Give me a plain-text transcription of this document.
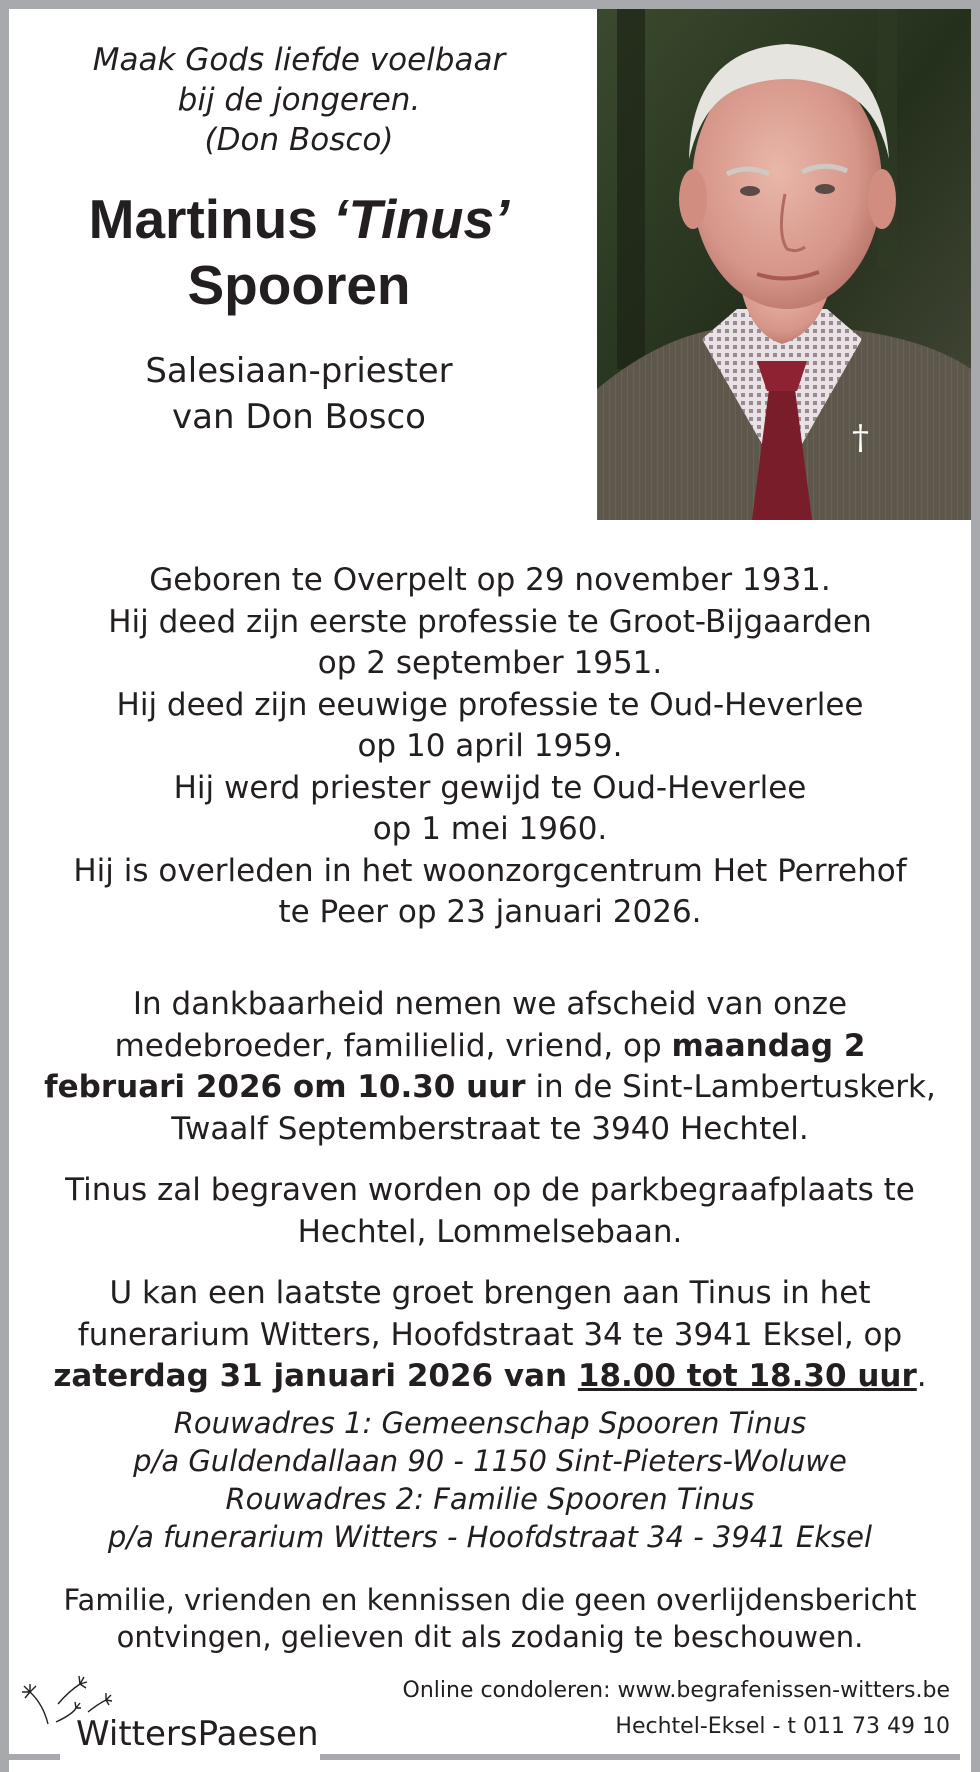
Maak Gods liefde voelbaar
bij de jongeren.
(Don Bosco)
Martinus ‘Tinus’
Spooren
Salesiaan-priester
van Don Bosco
†
Geboren te Overpelt op 29 november 1931.
Hij deed zijn eerste professie te Groot-Bijgaarden
op 2 september 1951.
Hij deed zijn eeuwige professie te Oud-Heverlee
op 10 april 1959.
Hij werd priester gewijd te Oud-Heverlee
op 1 mei 1960.
Hij is overleden in het woonzorgcentrum Het Perrehof
te Peer op 23 januari 2026.

In dankbaarheid nemen we afscheid van onze
medebroeder, familielid, vriend, op maandag 2
februari 2026 om 10.30 uur in de Sint-Lambertuskerk,
Twaalf Septemberstraat te 3940 Hechtel.

Tinus zal begraven worden op de parkbegraafplaats te
Hechtel, Lommelsebaan.

U kan een laatste groet brengen aan Tinus in het
funerarium Witters, Hoofdstraat 34 te 3941 Eksel, op
zaterdag 31 januari 2026 van 18.00 tot 18.30 uur.

Rouwadres 1: Gemeenschap Spooren Tinus
p/a Guldendallaan 90 - 1150 Sint-Pieters-Woluwe
Rouwadres 2: Familie Spooren Tinus
p/a funerarium Witters - Hoofdstraat 34 - 3941 Eksel
Familie, vrienden en kennissen die geen overlijdensbericht
ontvingen, gelieven dit als zodanig te beschouwen.
WittersPaesen
Online condoleren: www.begrafenissen-witters.be
Hechtel-Eksel - t 011 73 49 10
